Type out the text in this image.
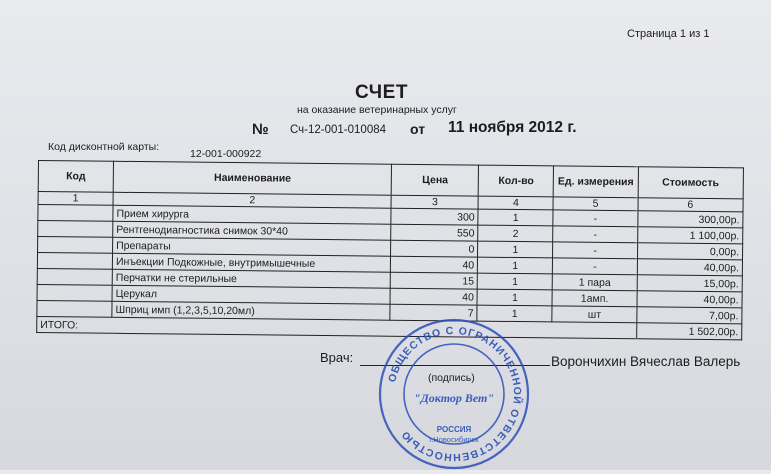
Страница 1 из 1
СЧЕТ
на оказание ветеринарных услуг
№ Сч-12-001-010084 от 11 ноября 2012 г.
Код дисконтной карты:
12-001-000922
Код	Наименование	Цена	Кол-во	Ед. измерения	Стоимость
1	2	3	4	5	6
	Прием хирурга	300	1	-	300,00р.
	Рентгенодиагностика снимок 30*40	550	2	-	1 100,00р.
	Препараты	0	1	-	0,00р.
	Инъекции Подкожные, внутримышечные	40	1	-	40,00р.
	Перчатки не стерильные	15	1	1 пара	15,00р.
	Церукал	40	1	1амп.	40,00р.
	Шприц имп (1,2,3,5,10,20мл)	7	1	шт	7,00р.
ИТОГО:					1 502,00р.
Врач:
ОБЩЕСТВО С ОГРАНИЧЕННОЙ ОТВЕТСТВЕННОСТЬЮ
"Доктор Вет"
РОССИЯ
г.Новосибирск
(подпись)
Ворончихин Вячеслав Валерь
